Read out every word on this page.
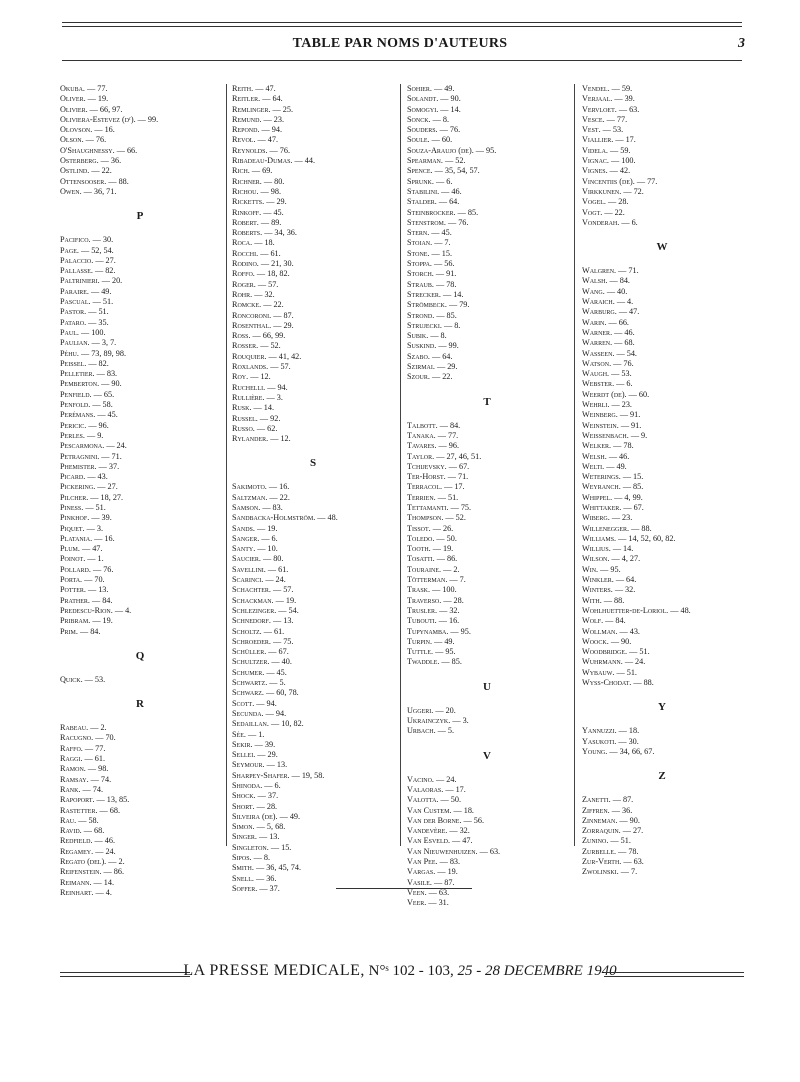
TABLE PAR NOMS D'AUTEURS	3
Okuba. — 77.
Oliver. — 19.
Olivier. — 66, 97.
Oliviera-Estevez (dʳ). — 99.
Olovson. — 16.
Olson. — 76.
O'Shaughnessy. — 66.
Osterberg. — 36.
Ostlind. — 22.
Ottensooser. — 88.
Owen. — 36, 71.
P
Pacifico. — 30.
Page. — 52, 54.
Palaccio. — 27.
Pallasse. — 82.
Paltrinieri. — 20.
Paraire. — 49.
Pascual. — 51.
Pastor. — 51.
Pataro. — 35.
Paul. — 100.
Paulian. — 3, 7.
Péhu. — 73, 89, 98.
Peissel. — 82.
Pelletier. — 83.
Pemberton. — 90.
Penfield. — 65.
Penfold. — 58.
Perémans. — 45.
Pericic. — 96.
Perles. — 9.
Pescarmona. — 24.
Petragnini. — 71.
Phemister. — 37.
Picard. — 43.
Pickering. — 27.
Pilcher. — 18, 27.
Piness. — 51.
Pinkhof. — 39.
Piquet. — 3.
Platania. — 16.
Plum. — 47.
Poinot. — 1.
Pollard. — 76.
Porta. — 70.
Potter. — 13.
Prather. — 84.
Predescu-Rion. — 4.
Pribram. — 19.
Prim. — 84.
Q
Quick. — 53.
R
Rabeau. — 2.
Racugno. — 70.
Raffo. — 77.
Raggi. — 61.
Ramon. — 98.
Ramsay. — 74.
Rank. — 74.
Rapoport. — 13, 85.
Rastetter. — 68.
Rau. — 58.
Ravid. — 68.
Redfield. — 46.
Regamey. — 24.
Regato (del). — 2.
Reifenstein. — 86.
Reimann. — 14.
Reinhart. — 4.
Reith. — 47.
Reitler. — 64.
Remlinger. — 25.
Remund. — 23.
Repond. — 94.
Revol. — 47.
Reynolds. — 76.
Ribadeau-Dumas. — 44.
Rich. — 69.
Richner. — 80.
Richou. — 98.
Ricketts. — 29.
Rinkoff. — 45.
Robert. — 89.
Roberts. — 34, 36.
Roca. — 18.
Rocchi. — 61.
Rodino. — 21, 30.
Roffo. — 18, 82.
Roger. — 57.
Rohr. — 32.
Romcke. — 22.
Roncoroni. — 87.
Rosenthal. — 29.
Ross. — 66, 99.
Rosser. — 52.
Rouquier. — 41, 42.
Roxlands. — 57.
Roy. — 12.
Ruchelli. — 94.
Rullière. — 3.
Rusk. — 14.
Russel. — 92.
Russo. — 62.
Rylander. — 12.
S
Sakimoto. — 16.
Saltzman. — 22.
Samson. — 83.
Sandbacka-Holmström. — 48.
Sands. — 19.
Sanger. — 6.
Santy. — 10.
Saucier. — 80.
Savellini. — 61.
Scarinci. — 24.
Schachter. — 57.
Schackman. — 19.
Schlezinger. — 54.
Schnedorf. — 13.
Scholtz. — 61.
Schroeder. — 75.
Schüller. — 67.
Schultzer. — 40.
Schumer. — 45.
Schwartz. — 5.
Schwarz. — 60, 78.
Scott. — 94.
Secunda. — 94.
Sedaillan. — 10, 82.
Sée. — 1.
Sekir. — 39.
Sellei. — 29.
Seymour. — 13.
Sharpey-Shafer. — 19, 58.
Shinoda. — 6.
Shock. — 37.
Short. — 28.
Silveira (de). — 49.
Simon. — 5, 68.
Singer. — 13.
Singleton. — 15.
Sipos. — 8.
Smith. — 36, 45, 74.
Snell. — 36.
Soffer. — 37.
Sohier. — 49.
Solandt. — 90.
Somogyi. — 14.
Sonck. — 8.
Souders. — 76.
Soule. — 60.
Souza-Araujo (de). — 95.
Spearman. — 52.
Spence. — 35, 54, 57.
Sprunk. — 6.
Stabilini. — 46.
Stalder. — 64.
Steinbrocker. — 85.
Stenstrom. — 76.
Stern. — 45.
Stoian. — 7.
Stone. — 15.
Stoppa. — 56.
Storch. — 91.
Straub. — 78.
Strecker. — 14.
Strömbeck. — 79.
Strond. — 85.
Strujecki. — 8.
Subik. — 8.
Suskind. — 99.
Szabo. — 64.
Szirmai. — 29.
Szour. — 22.
T
Talbott. — 84.
Tanaka. — 77.
Tavares. — 96.
Taylor. — 27, 46, 51.
Tchijevsky. — 67.
Ter-Horst. — 71.
Terracol. — 17.
Terrien. — 51.
Tettamanti. — 75.
Thompson. — 52.
Tissot. — 26.
Toledo. — 50.
Tooth. — 19.
Tosatti. — 86.
Touraine. — 2.
Tötterman. — 7.
Trask. — 100.
Traverso. — 28.
Trusler. — 32.
Tubouti. — 16.
Tupynamba. — 95.
Turpin. — 49.
Tuttle. — 95.
Twaddle. — 85.
U
Uggeri. — 20.
Ukrainczyk. — 3.
Urbach. — 5.
V
Vacino. — 24.
Valaoras. — 17.
Valotta. — 50.
Van Custem. — 18.
Van der Borne. — 56.
Vandevère. — 32.
Van Esveld. — 47.
Van Nieuwenhuizen. — 63.
Van Pee. — 83.
Vargas. — 19.
Vasile. — 87.
Veen. — 63.
Veer. — 31.
Vendel. — 59.
Verjaal. — 39.
Vervloet. — 63.
Vesce. — 77.
Vest. — 53.
Viallier. — 17.
Videla. — 59.
Vignac. — 100.
Vignes. — 42.
Vincentiis (de). — 77.
Virkkunen. — 72.
Vogel. — 28.
Vogt. — 22.
Vonderah. — 6.
W
Walgren. — 71.
Walsh. — 84.
Wang. — 40.
Waraich. — 4.
Warburg. — 47.
Warin. — 66.
Warner. — 46.
Warren. — 68.
Wasseen. — 54.
Watson. — 76.
Waugh. — 53.
Webster. — 6.
Weerdt (de). — 60.
Wehrli. — 23.
Weinberg. — 91.
Weinstein. — 91.
Weissenbach. — 9.
Welker. — 78.
Welsh. — 46.
Welti. — 49.
Weterings. — 15.
Weyranch. — 85.
Whippel. — 4, 99.
Whittaker. — 67.
Wiberg. — 23.
Willenegger. — 88.
Williams. — 14, 52, 60, 82.
Willius. — 14.
Wilson. — 4, 27.
Win. — 95.
Winkler. — 64.
Winters. — 32.
With. — 88.
Wohlhuetter-de-Loriol. — 48.
Wolf. — 84.
Wollman. — 43.
Woock. — 90.
Woodbridge. — 51.
Wuhrmann. — 24.
Wybauw. — 51.
Wyss-Chodat. — 88.
Y
Yannuzzi. — 18.
Yasukoti. — 30.
Young. — 34, 66, 67.
Z
Zanetti. — 87.
Ziffren. — 36.
Zinneman. — 90.
Zorraquin. — 27.
Zunino. — 51.
Zurbelle. — 78.
Zur-Verth. — 63.
Zwolinski. — 7.
LA PRESSE MEDICALE, N°ˢ 102 - 103, 25 - 28 DECEMBRE 1940
